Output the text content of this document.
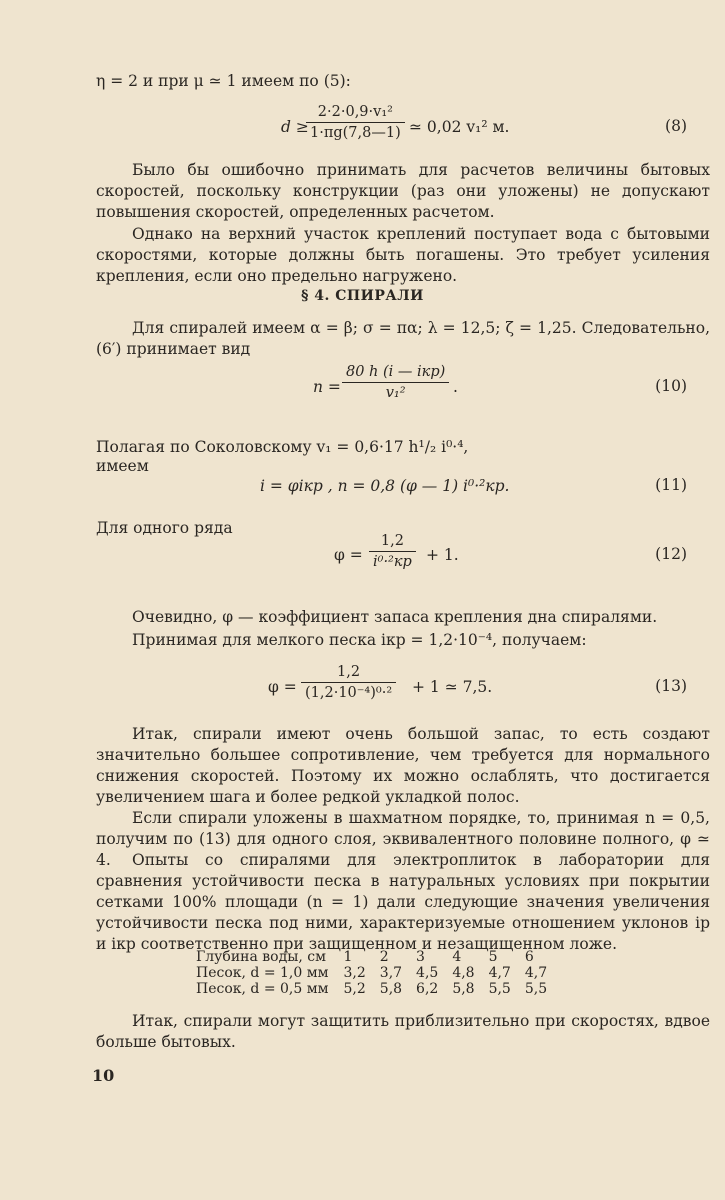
η = 2 и при μ ≃ 1 имеем по (5):
d ≥
$\frac{\text{2·2·0,9·v₁²}}{1\cdot\pi g(7,8—1)}$ ≃ 0,02 v₁² м.	(8)
Было бы ошибочно принимать для расчетов величины бытовых скоростей, поскольку конструкции (раз они уложены) не допускают повышения скоростей, определенных расчетом.
Однако на верхний участок креплений поступает вода с бытовыми скоростями, которые должны быть погашены. Это требует усиления крепления, если оно предельно нагружено.
§ 4. СПИРАЛИ
Для спиралей имеем α = β; σ = πα; λ = 12,5; ζ = 1,25. Следовательно, (6′) принимает вид
n =
80 h (i — iкр)
v₁²	.	(10)
Полагая по Соколовскому v₁ = 0,6·17 h¹/₂ i⁰·⁴,
имеем
i = φiкр , n = 0,8 (φ — 1) i⁰·²кр.	(11)
Для одного ряда
φ =
1,2
i⁰·²кр + 1.	(12)
Очевидно, φ — коэффициент запаса крепления дна спиралями.
Принимая для мелкого песка iкр = 1,2·10⁻⁴, получаем:
$\varphi = \frac{1,2}{\text{(1,2·10⁻⁴)⁰·²}} + 1$ ≃ 7,5.	(13)
Итак, спирали имеют очень большой запас, то есть создают значительно большее сопротивление, чем требуется для нормального снижения скоростей. Поэтому их можно ослаблять, что достигается увеличением шага и более редкой укладкой полос.
Если спирали уложены в шахматном порядке, то, принимая n = 0,5, получим по (13) для одного слоя, эквивалентного половине полного, φ ≃ 4.	Опыты со спиралями для электроплиток в лаборатории для сравнения устойчивости песка в натуральных условиях при покрытии сетками 100% площади (n = 1) дали следующие значения увеличения устойчивости песка под ними, характеризуемые отношением уклонов iр и iкр соответственно при защищенном и незащищенном ложе.
Глубина воды, см	1	2	3	4	5	6
Песок, d = 1,0 мм	3,2	3,7	4,5	4,8	4,7	4,7
Песок, d = 0,5 мм	5,2	5,8	6,2	5,8	5,5	5,5
Итак, спирали могут защитить приблизительно при скоростях, вдвое больше бытовых.
10
